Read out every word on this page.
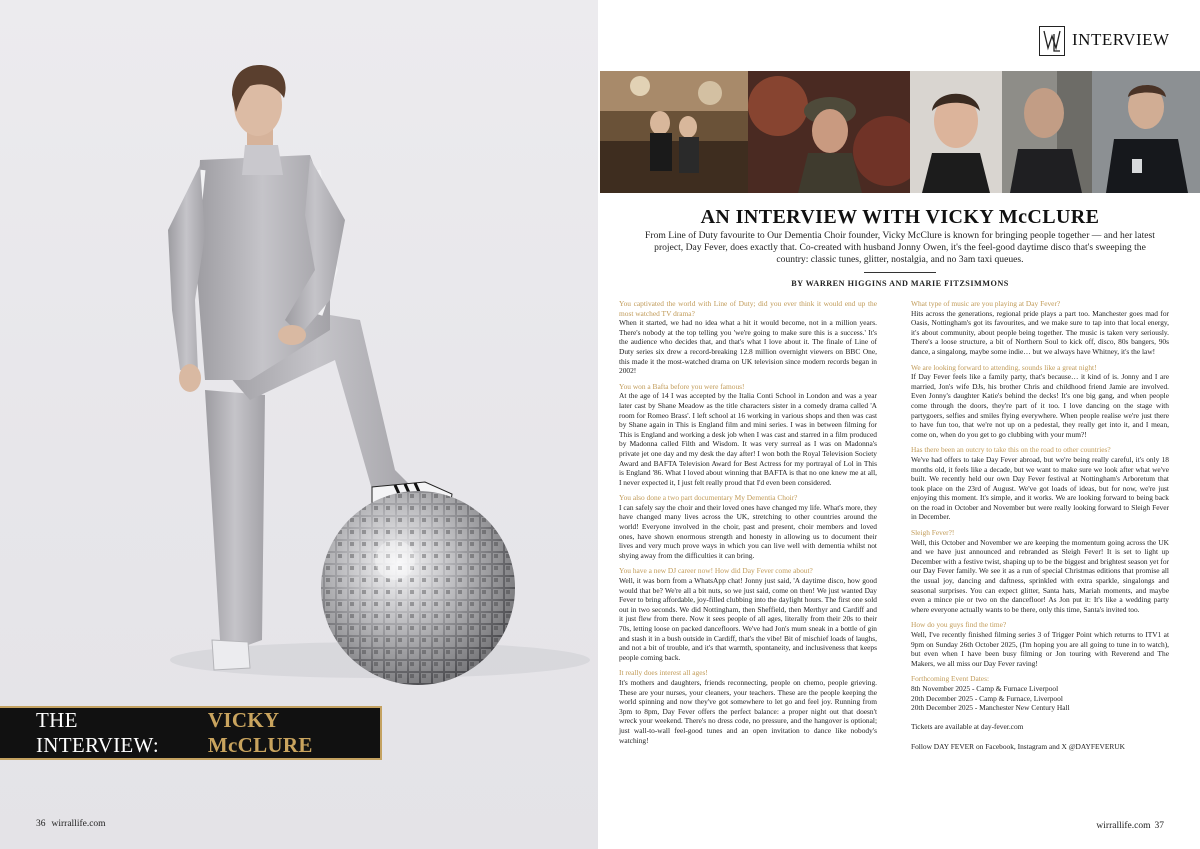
THE INTERVIEW:
VICKY McCLURE
36 wirrallife.com
INTERVIEW
AN INTERVIEW WITH VICKY McCLURE

From Line of Duty favourite to Our Dementia Choir founder, Vicky McClure is known for bringing people together — and her latest project, Day Fever, does exactly that. Co-created with husband Jonny Owen, it's the feel-good daytime disco that's sweeping the country: classic tunes, glitter, nostalgia, and no 3am taxi queues.

BY WARREN HIGGINS AND MARIE FITZSIMMONS
You captivated the world with Line of Duty; did you ever think it would end up the most watched TV drama?
When it started, we had no idea what a hit it would become, not in a million years. There's nobody at the top telling you 'we're going to make sure this is a success.' It's the audience who decides that, and that's what I love about it. The finale of Line of Duty series six drew a record-breaking 12.8 million overnight viewers on BBC One, this made it the most-watched drama on UK television since modern records began in 2002!
You won a Bafta before you were famous!
At the age of 14 I was accepted by the Italia Conti School in London and was a year later cast by Shane Meadow as the title characters sister in a comedy drama called 'A room for Romeo Brass'. I left school at 16 working in various shops and then was cast by Shane again in This is England film and mini series. I was in between filming for This is England and working a desk job when I was cast and starred in a film produced by Madonna called Filth and Wisdom. It was very surreal as I was on Madonna's private jet one day and my desk the day after! I won both the Royal Television Society Award and BAFTA Television Award for Best Actress for my portrayal of Lol in This is England '86. What I loved about winning that BAFTA is that no one knew me at all, I never expected it, I just felt really proud that I'd even been considered.
You also done a two part documentary My Dementia Choir?
I can safely say the choir and their loved ones have changed my life. What's more, they have changed many lives across the UK, stretching to other countries around the world! Everyone involved in the choir, past and present, choir members and loved ones, have shown enormous strength and honesty in allowing us to document their lives and very much prove ways in which you can live well with dementia whilst not shying away from the difficulties it can bring.
You have a new DJ career now! How did Day Fever come about?
Well, it was born from a WhatsApp chat! Jonny just said, 'A daytime disco, how good would that be? We're all a bit nuts, so we just said, come on then! We just wanted Day Fever to bring affordable, joy-filled clubbing into the daylight hours. The first one sold out in two seconds. We did Nottingham, then Sheffield, then Merthyr and Cardiff and it just flew from there. Now it sees people of all ages, literally from their 20s to their 70s, letting loose on packed dancefloors. We've had Jon's mum sneak in a bottle of gin and stash it in a bush outside in Cardiff, that's the vibe! Bit of mischief loads of laughs, and not a bit of trouble, and it's that warmth, spontaneity, and inclusiveness that keeps people coming back.
It really does interest all ages!
It's mothers and daughters, friends reconnecting, people on chemo, people grieving. These are your nurses, your cleaners, your teachers. These are the people keeping the world spinning and now they've got somewhere to let go and feel joy. Running from 3pm to 8pm, Day Fever offers the perfect balance: a proper night out that doesn't wreck your weekend. There's no dress code, no pressure, and the hangover is optional; just wall-to-wall feel-good tunes and an open invitation to dance like nobody's watching!
What type of music are you playing at Day Fever?
Hits across the generations, regional pride plays a part too. Manchester goes mad for Oasis, Nottingham's got its favourites, and we make sure to tap into that local energy, it's about community, about people being together. The music is taken very seriously. There's a loose structure, a bit of Northern Soul to kick off, disco, 80s bangers, 90s dance, a singalong, maybe some indie… but we always have Whitney, it's the law!
We are looking forward to attending, sounds like a great night!
If Day Fever feels like a family party, that's because… it kind of is. Jonny and I are married, Jon's wife DJs, his brother Chris and childhood friend Jamie are involved. Even Jonny's daughter Katie's behind the decks! It's one big gang, and when people come through the doors, they're part of it too. I love dancing on the stage with partygoers, selfies and smiles flying everywhere. When people realise we're just there to have fun too, that we're not up on a pedestal, they really get into it, and I mean, come on, when do you get to go clubbing with your mum?!
Has there been an outcry to take this on the road to other countries?
We've had offers to take Day Fever abroad, but we're being really careful, it's only 18 months old, it feels like a decade, but we want to make sure we look after what we've built. We recently held our own Day Fever festival at Nottingham's Arboretum that took place on the 23rd of August. We've got loads of ideas, but for now, we're just enjoying this moment. It's simple, and it works. We are looking forward to being back on the road in October and November but were really looking forward to Sleigh Fever in December.
Sleigh Fever?!
Well, this October and November we are keeping the momentum going across the UK and we have just announced and rebranded as Sleigh Fever! It is set to light up December with a festive twist, shaping up to be the biggest and brightest season yet for our Day Fever family. We see it as a run of special Christmas editions that promise all the usual joy, dancing and daftness, sprinkled with extra sparkle, singalongs and seasonal surprises. You can expect glitter, Santa hats, Mariah moments, and maybe even a mince pie or two on the dancefloor! As Jon put it: It's like a wedding party where everyone actually wants to be there, only this time, Santa's invited too.
How do you guys find the time?
Well, I've recently finished filming series 3 of Trigger Point which returns to ITV1 at 9pm on Sunday 26th October 2025, (I'm hoping you are all going to tune in to watch), but even when I have been busy filming or Jon touring with Reverend and The Makers, we all miss our Day Fever raving!
Forthcoming Event Dates:
8th November 2025 - Camp & Furnace Liverpool
20th December 2025 - Camp & Furnace, Liverpool
20th December 2025 - Manchester New Century Hall
Tickets are available at day-fever.com
Follow DAY FEVER on Facebook, Instagram and X @DAYFEVERUK
wirrallife.com 37
